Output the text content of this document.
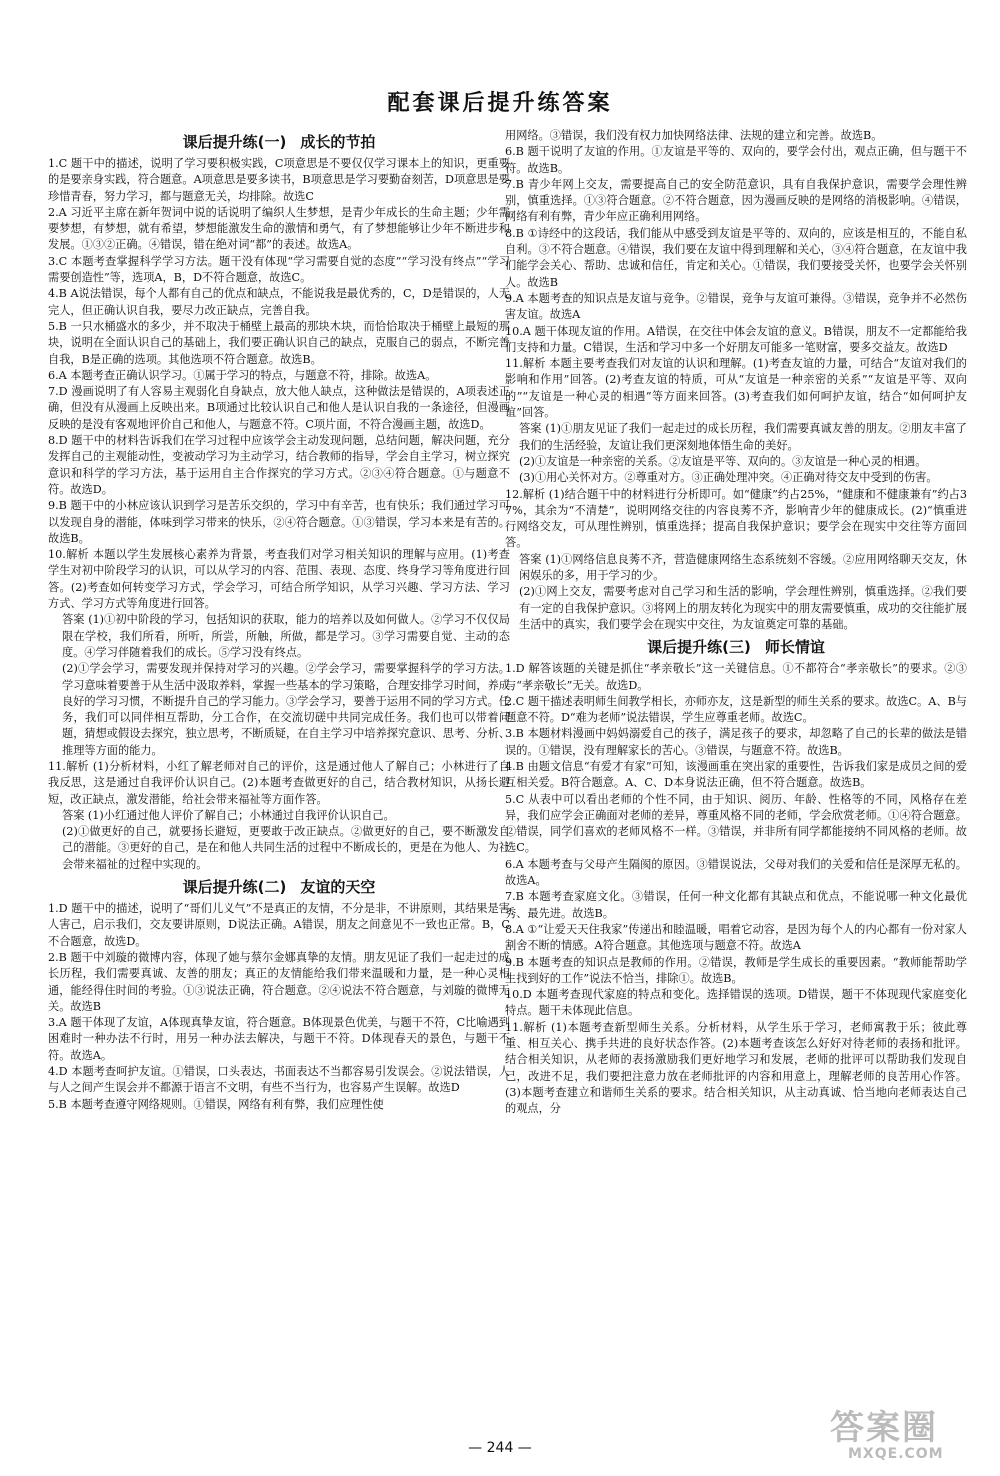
配套课后提升练答案
课后提升练(一) 成长的节拍

1.C 题干中的描述，说明了学习要积极实践，C项意思是不要仅仅学习课本上的知识，更重要的是要亲身实践，符合题意。A项意思是要多读书，B项意思是学习要勤奋刻苦，D项意思是要珍惜青春，努力学习，都与题意无关，均排除。故选C

2.A 习近平主席在新年贺词中说的话说明了编织人生梦想，是青少年成长的生命主题；少年需要梦想，有梦想，就有希望，梦想能激发生命的激情和勇气，有了梦想能够让少年不断进步和发展。①③②正确。④错误，错在绝对词“都”的表述。故选A。

3.C 本题考查掌握科学学习方法。题干没有体现“学习需要自觉的态度”“学习没有终点”“学习需要创造性”等，选项A，B，D不符合题意，故选C。

4.B A说法错误，每个人都有自己的优点和缺点，不能说我是最优秀的，C，D是错误的，人无完人，但正确认识自我，要尽力改正缺点，完善自我。

5.B 一只水桶盛水的多少，并不取决于桶壁上最高的那块木块，而恰恰取决于桶壁上最短的那块，说明在全面认识自己的基础上，我们要正确认识自己的缺点，克服自己的弱点，不断完善自我，B是正确的选项。其他选项不符合题意。故选B。

6.A 本题考查正确认识学习。①属于学习的特点，与题意不符，排除。故选A。

7.D 漫画说明了有人容易主观弱化自身缺点，放大他人缺点，这种做法是错误的，A项表述正确，但没有从漫画上反映出来。B项通过比较认识自己和他人是认识自我的一条途径，但漫画反映的是没有客观地评价自己和他人，与题意不符。C项片面，不符合漫画主题，故选D。

8.D 题干中的材料告诉我们在学习过程中应该学会主动发现问题，总结问题，解决问题，充分发挥自己的主观能动性，变被动学习为主动学习，结合教师的指导，学会自主学习，树立探究意识和科学的学习方法，基于运用自主合作探究的学习方式。②③④符合题意。①与题意不符。故选D。

9.B 题干中的小林应该认识到学习是苦乐交织的，学习中有辛苦，也有快乐；我们通过学习可以发现自身的潜能，体味到学习带来的快乐，②④符合题意。①③错误，学习本来是有苦的。故选B。

10.解析 本题以学生发展核心素养为背景，考查我们对学习相关知识的理解与应用。(1)考查学生对初中阶段学习的认识，可以从学习的内容、范围、表现、态度、终身学习等角度进行回答。(2)考查如何转变学习方式，学会学习，可结合所学知识，从学习兴趣、学习方法、学习方式、学习方式等角度进行回答。

答案 (1)①初中阶段的学习，包括知识的获取，能力的培养以及如何做人。②学习不仅仅局限在学校，我们所看，所听，所尝，所触，所做，都是学习。③学习需要自觉、主动的态度。④学习伴随着我们的成长。⑤学习没有终点。

(2)①学会学习，需要发现并保持对学习的兴趣。②学会学习，需要掌握科学的学习方法。学习意味着要善于从生活中汲取养料，掌握一些基本的学习策略，合理安排学习时间，养成良好的学习习惯，不断提升自己的学习能力。③学会学习，要善于运用不同的学习方式。任务，我们可以同伴相互帮助，分工合作，在交流切磋中共同完成任务。我们也可以带着问题，猜想或假设去探究，独立思考，不断质疑，在自主学习中培养探究意识、思考、分析、推理等方面的能力。

11.解析 (1)分析材料，小红了解老师对自己的评价，这是通过他人了解自己；小林进行了自我反思，这是通过自我评价认识自己。(2)本题考查做更好的自己，结合教材知识，从扬长避短，改正缺点，激发潜能，给社会带来福祉等方面作答。

答案 (1)小红通过他人评价了解自己；小林通过自我评价认识自己。

(2)①做更好的自己，就要扬长避短，更要敢于改正缺点。②做更好的自己，要不断激发自己的潜能。③更好的自己，是在和他人共同生活的过程中不断成长的，更是在为他人、为社会带来福祉的过程中实现的。

课后提升练(二) 友谊的天空

1.D 题干中的描述，说明了“哥们儿义气”不是真正的友情，不分是非，不讲原则，其结果是害人害己，启示我们，交友要讲原则，D说法正确。A错误，朋友之间意见不一致也正常。B，C不合题意，故选D。

2.B 题干中刘璇的微博内容，体现了她与蔡尔金娜真挚的友情。朋友见证了我们一起走过的成长历程，我们需要真诚、友善的朋友；真正的友情能给我们带来温暖和力量，是一种心灵相通，能经得住时间的考验。①③说法正确，符合题意。②④说法不符合题意，与刘璇的微博无关。故选B

3.A 题干体现了友谊，A体现真挚友谊，符合题意。B体现景色优美，与题干不符，C比喻遇到困难时一种办法不行时，用另一种办法去解决，与题干不符。D体现春天的景色，与题干不符。故选A。

4.D 本题考查呵护友谊。①错误，口头表达，书面表达不当都容易引发误会。②说法错误，人与人之间产生误会并不都源于语言不文明，有些不当行为，也容易产生误解。故选D

5.B 本题考查遵守网络规则。①错误，网络有利有弊，我们应理性使

用网络。③错误，我们没有权力加快网络法律、法规的建立和完善。故选B。

6.B 题干说明了友谊的作用。①友谊是平等的、双向的，要学会付出，观点正确，但与题干不符。故选B。

7.B 青少年网上交友，需要提高自己的安全防范意识，具有自我保护意识，需要学会理性辨别，慎重选择。①③符合题意。②不符合题意，因为漫画反映的是网络的消极影响。④错误，网络有利有弊，青少年应正确利用网络。

8.B ①诗经中的这段话，我们能从中感受到友谊是平等的、双向的，应该是相互的，不能自私自利。③不符合题意。④错误，我们要在友谊中得到理解和关心，③④符合题意，在友谊中我们能学会关心、帮助、忠诚和信任，肯定和关心。①错误，我们要接受关怀，也要学会关怀别人。故选B

9.A 本题考查的知识点是友谊与竞争。②错误，竞争与友谊可兼得。③错误，竞争并不必然伤害友谊。故选A

10.A 题干体现友谊的作用。A错误，在交往中体会友谊的意义。B错误，朋友不一定都能给我们支持和力量。C错误，生活和学习中多一个好朋友可能多一笔财富，要多交益友。故选D

11.解析 本题主要考查我们对友谊的认识和理解。(1)考查友谊的力量，可结合“友谊对我们的影响和作用”回答。(2)考查友谊的特质，可从“友谊是一种亲密的关系”“友谊是平等、双向的”“友谊是一种心灵的相遇”等方面来回答。(3)考查我们如何呵护友谊，结合“如何呵护友谊”回答。

答案 (1)①朋友见证了我们一起走过的成长历程，我们需要真诚友善的朋友。②朋友丰富了我们的生活经验，友谊让我们更深刻地体悟生命的美好。

(2)①友谊是一种亲密的关系。②友谊是平等、双向的。③友谊是一种心灵的相遇。

(3)①用心关怀对方。②尊重对方。③正确处理冲突。④正确对待交友中受到的伤害。

12.解析 (1)结合题干中的材料进行分析即可。如“健康”约占25%，“健康和不健康兼有”约占37%，其余为“不清楚”，说明网络交往的内容良莠不齐，影响青少年的健康成长。(2)“慎重进行网络交友，可从理性辨别，慎重选择；提高自我保护意识；要学会在现实中交往等方面回答。

答案 (1)①网络信息良莠不齐，营造健康网络生态系统刻不容缓。②应用网络聊天交友，休闲娱乐的多，用于学习的少。

(2)①网上交友，需要考虑对自己学习和生活的影响，学会理性辨别，慎重选择。②我们要有一定的自我保护意识。③将网上的朋友转化为现实中的朋友需要慎重，成功的交往能扩展生活中的真实，我们要学会在现实中交往，为友谊奠定可靠的基础。

课后提升练(三) 师长情谊

1.D 解答该题的关键是抓住“孝亲敬长”这一关键信息。①不都符合“孝亲敬长”的要求。②③与“孝亲敬长”无关。故选D。

2.C 题干描述表明师生间教学相长，亦师亦友，这是新型的师生关系的要求。故选C。A、B与题意不符。D“难为老师”说法错误，学生应尊重老师。故选C。

3.B 本题材料漫画中妈妈溺爱自己的孩子，满足孩子的要求，却忽略了自己的长辈的做法是错误的。①错误，没有理解家长的苦心。③错误，与题意不符。故选B。

4.B 由题文信息“有爱才有家”可知，该漫画重在突出家的重要性，告诉我们家是成员之间的爱互相关爱。B符合题意。A、C、D本身说法正确，但不符合题意。故选B。

5.C 从表中可以看出老师的个性不同，由于知识、阅历、年龄、性格等的不同，风格存在差异，我们应学会正确面对老师的差异，尊重风格不同的老师，学会欣赏老师。①④符合题意。②错误，同学们喜欢的老师风格不一样。③错误，并非所有同学都能接纳不同风格的老师。故选C。

6.A 本题考查与父母产生隔阂的原因。③错误说法，父母对我们的关爱和信任是深厚无私的。故选A。

7.B 本题考查家庭文化。③错误，任何一种文化都有其缺点和优点，不能说哪一种文化最优秀、最先进。故选B。

8.A ①“让爱天天住我家”传递出和睦温暖，唱着它动容，是因为每个人的内心都有一份对家人割舍不断的情感。A符合题意。其他选项与题意不符。故选A

9.B 本题考查的知识点是教师的作用。②错误，教师是学生成长的重要因素。“教师能帮助学生找到好的工作”说法不恰当，排除①。故选B。

10.D 本题考查现代家庭的特点和变化。选择错误的选项。D错误，题干不体现现代家庭变化特点。题干未体现此信息。

11.解析 (1)本题考查新型师生关系。分析材料，从学生乐于学习，老师寓教于乐；彼此尊重、相互关心、携手共进的良好状态作答。(2)本题考查该怎么好好对待老师的表扬和批评。结合相关知识，从老师的表扬激励我们更好地学习和发展，老师的批评可以帮助我们发现自己，改进不足，我们要把注意力放在老师批评的内容和用意上，理解老师的良苦用心作答。(3)本题考查建立和谐师生关系的要求。结合相关知识，从主动真诚、恰当地向老师表达自己的观点，分

— 244 —	答案圈
MXQE.COM
